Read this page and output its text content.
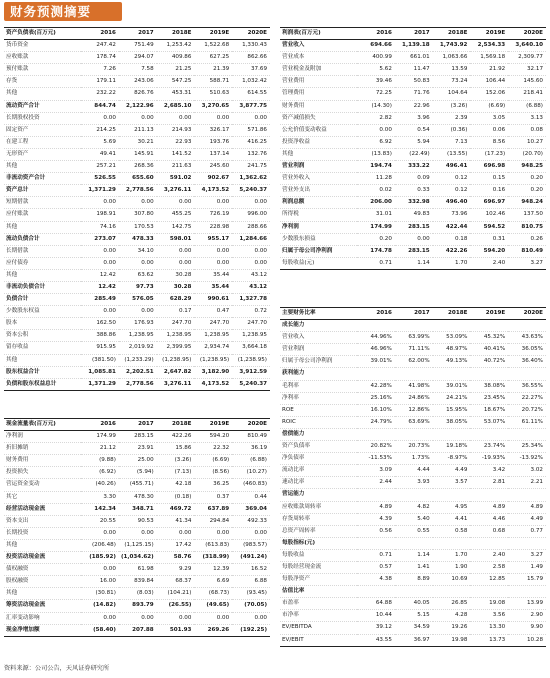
财务预测摘要
资产负债表(百万元)	2016	2017	2018E	2019E	2020E
货币资金	247.42	751.49	1,253.42	1,522.68	1,330.43
应收账款	178.74	294.07	409.86	627.25	862.66
预付账款	7.26	7.58	21.25	21.39	37.69
存货	179.11	243.06	547.25	588.71	1,032.42
其他	232.22	826.76	453.31	510.63	614.55
流动资产合计	844.74	2,122.96	2,685.10	3,270.65	3,877.75
长期股权投资	0.00	0.00	0.00	0.00	0.00
固定资产	214.25	211.13	214.93	326.17	571.86
在建工程	5.69	30.21	22.93	193.76	416.25
无形资产	49.41	145.91	141.52	137.14	132.76
其他	257.21	268.36	211.63	245.60	241.75
非流动资产合计	526.55	655.60	591.02	902.67	1,362.62
资产总计	1,371.29	2,778.56	3,276.11	4,173.52	5,240.37
短期借款	0.00	0.00	0.00	0.00	0.00
应付账款	198.91	307.80	455.25	726.19	996.00
其他	74.16	170.53	142.75	228.98	288.66
流动负债合计	273.07	478.33	598.01	955.17	1,284.66
长期借款	0.00	34.10	0.00	0.00	0.00
应付债券	0.00	0.00	0.00	0.00	0.00
其他	12.42	63.62	30.28	35.44	43.12
非流动负债合计	12.42	97.73	30.28	35.44	43.12
负债合计	285.49	576.05	628.29	990.61	1,327.78
少数股东权益	0.00	0.00	0.17	0.47	0.72
股本	162.50	176.93	247.70	247.70	247.70
资本公积	388.86	1,238.95	1,238.95	1,238.95	1,238.95
留存收益	915.95	2,019.92	2,399.95	2,934.74	3,664.18
其他	(381.50)	(1,233.29)	(1,238.95)	(1,238.95)	(1,238.95)
股东权益合计	1,085.81	2,202.51	2,647.82	3,182.90	3,912.59
负债和股东权益总计	1,371.29	2,778.56	3,276.11	4,173.52	5,240.37
现金流量表(百万元)	2016	2017	2018E	2019E	2020E
净利润	174.99	283.15	422.26	594.20	810.49
折旧摊销	21.12	23.91	15.86	22.32	36.19
财务费用	(9.88)	25.00	(3.26)	(6.69)	(6.88)
投资损失	(6.92)	(5.94)	(7.13)	(8.56)	(10.27)
营运资金变动	(40.26)	(455.71)	42.18	36.25	(460.83)
其它	3.30	478.30	(0.18)	0.37	0.44
经营活动现金流	142.34	348.71	469.72	637.89	369.04
资本支出	20.55	90.53	41.34	294.84	492.33
长期投资	0.00	0.00	0.00	0.00	0.00
其他	(206.48)	(1,125.15)	17.42	(613.83)	(983.57)
投资活动现金流	(185.92)	(1,034.62)	58.76	(318.99)	(491.24)
债权融资	0.00	61.98	9.29	12.39	16.52
股权融资	16.00	839.84	68.37	6.69	6.88
其他	(30.81)	(8.03)	(104.21)	(68.73)	(93.45)
筹资活动现金流	(14.82)	893.79	(26.55)	(49.65)	(70.05)
汇率变动影响	0.00	0.00	0.00	0.00	0.00
现金净增加额	(58.40)	207.88	501.93	269.26	(192.25)
利润表(百万元)	2016	2017	2018E	2019E	2020E
营业收入	694.66	1,139.18	1,743.92	2,534.33	3,640.10
营业成本	400.99	661.01	1,063.66	1,569.18	2,309.77
营业税金及附加	5.62	11.47	13.59	21.92	32.17
营业费用	39.46	50.83	73.24	106.44	145.60
管理费用	72.25	71.76	104.64	152.06	218.41
财务费用	(14.30)	22.96	(3.26)	(6.69)	(6.88)
资产减值损失	2.82	3.96	2.39	3.05	3.13
公允价值变动收益	0.00	0.54	(0.36)	0.06	0.08
投资净收益	6.92	5.94	7.13	8.56	10.27
其他	(13.83)	(22.49)	(13.55)	(17.23)	(20.70)
营业利润	194.74	333.22	496.41	696.98	948.25
营业外收入	11.28	0.09	0.12	0.15	0.20
营业外支出	0.02	0.33	0.12	0.16	0.20
利润总额	206.00	332.98	496.40	696.97	948.24
所得税	31.01	49.83	73.96	102.46	137.50
净利润	174.99	283.15	422.44	594.52	810.75
少数股东损益	0.20	0.00	0.18	0.31	0.26
归属于母公司净利润	174.78	283.15	422.26	594.20	810.49
每股收益(元)	0.71	1.14	1.70	2.40	3.27
主要财务比率	2016	2017	2018E	2019E	2020E
成长能力					
营业收入	44.96%	63.99%	53.09%	45.32%	43.63%
营业利润	46.96%	71.11%	48.97%	40.41%	36.05%
归属于母公司净利润	39.01%	62.00%	49.13%	40.72%	36.40%
获利能力					
毛利率	42.28%	41.98%	39.01%	38.08%	36.55%
净利率	25.16%	24.86%	24.21%	23.45%	22.27%
ROE	16.10%	12.86%	15.95%	18.67%	20.72%
ROIC	24.79%	63.69%	38.05%	53.07%	61.11%
偿债能力					
资产负债率	20.82%	20.73%	19.18%	23.74%	25.34%
净负债率	-11.53%	1.73%	-8.97%	-19.93%	-13.92%
流动比率	3.09	4.44	4.49	3.42	3.02
速动比率	2.44	3.93	3.57	2.81	2.21
营运能力					
应收账款周转率	4.89	4.82	4.95	4.89	4.89
存货周转率	4.39	5.40	4.41	4.46	4.49
总资产周转率	0.56	0.55	0.58	0.68	0.77
每股指标(元)					
每股收益	0.71	1.14	1.70	2.40	3.27
每股经营现金流	0.57	1.41	1.90	2.58	1.49
每股净资产	4.38	8.89	10.69	12.85	15.79
估值比率					
市盈率	64.88	40.05	26.85	19.08	13.99
市净率	10.44	5.15	4.28	3.56	2.90
EV/EBITDA	39.12	34.59	19.26	13.30	9.90
EV/EBIT	43.55	36.97	19.98	13.73	10.28
资料来源：公司公告，天风证券研究所
